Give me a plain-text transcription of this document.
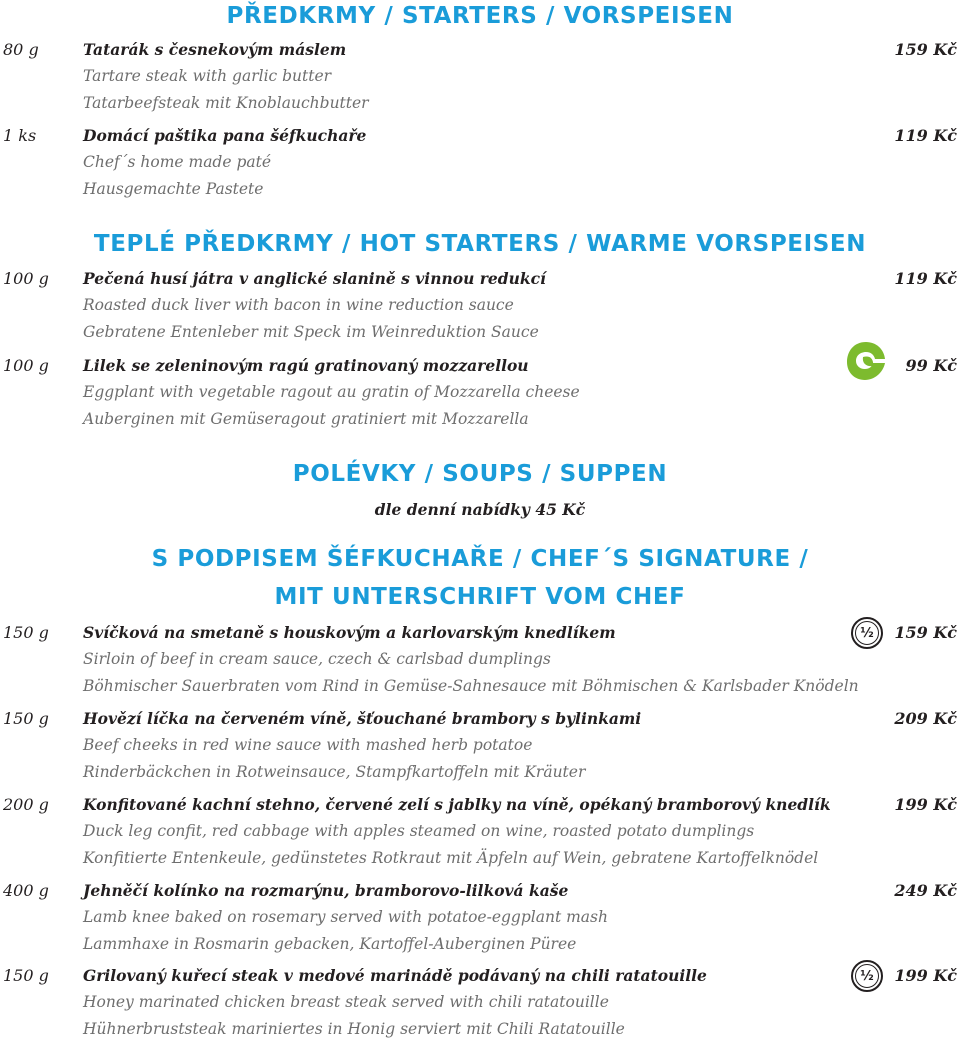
PŘEDKRMY / STARTERS / VORSPEISEN
80 g	Tatarák s česnekovým máslem
Tartare steak with garlic butter
Tatarbeefsteak mit Knoblauchbutter
159 Kč
1 ks	Domácí paštika pana šéfkuchaře
Chef´s home made paté
Hausgemachte Pastete
119 Kč
TEPLÉ PŘEDKRMY / HOT STARTERS / WARME VORSPEISEN
100 g Pečená husí játra v anglické slanině s vinnou redukcí
Roasted duck liver with bacon in wine reduction sauce
Gebratene Entenleber mit Speck im Weinreduktion Sauce
119 Kč
100 g Lilek se zeleninovým ragú gratinovaný mozzarellou
Eggplant with vegetable ragout au gratin of Mozzarella cheese
Auberginen mit Gemüseragout gratiniert mit Mozzarella
99 Kč
POLÉVKY / SOUPS / SUPPEN
dle denní nabídky 45 Kč
S PODPISEM ŠÉFKUCHAŘE / CHEF´S SIGNATURE /
MIT UNTERSCHRIFT VOM CHEF
150 g Svíčková na smetaně s houskovým a karlovarským knedlíkem
Sirloin of beef in cream sauce, czech & carlsbad dumplings
Böhmischer Sauerbraten vom Rind in Gemüse-Sahnesauce mit Böhmischen & Karlsbader Knödeln
½ 159 Kč
150 g Hovězí líčka na červeném víně, šťouchané brambory s bylinkami
Beef cheeks in red wine sauce with mashed herb potatoe
Rinderbäckchen in Rotweinsauce, Stampfkartoffeln mit Kräuter
209 Kč
200 g Konfitované kachní stehno, červené zelí s jablky na víně, opékaný bramborový knedlík
Duck leg confit, red cabbage with apples steamed on wine, roasted potato dumplings
Konfitierte Entenkeule, gedünstetes Rotkraut mit Äpfeln auf Wein, gebratene Kartoffelknödel
199 Kč
400 g Jehněčí kolínko na rozmarýnu, bramborovo-lilková kaše
Lamb knee baked on rosemary served with potatoe-eggplant mash
Lammhaxe in Rosmarin gebacken, Kartoffel-Auberginen Püree
249 Kč
150 g Grilovaný kuřecí steak v medové marinádě podávaný na chili ratatouille
Honey marinated chicken breast steak served with chili ratatouille
Hühnerbruststeak mariniertes in Honig serviert mit Chili Ratatouille
½ 199 Kč
